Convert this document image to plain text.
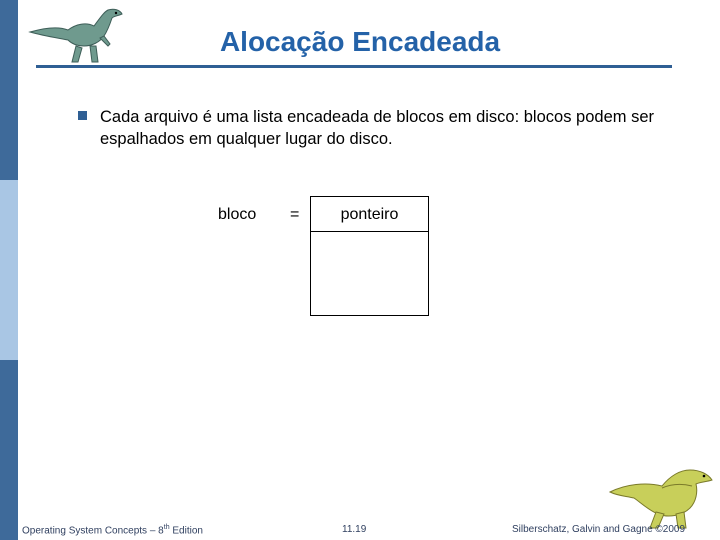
Alocação Encadeada
Cada arquivo é uma lista encadeada de blocos em disco: blocos podem ser espalhados em qualquer lugar do disco.
bloco =	ponteiro
Operating System Concepts – 8th Edition	11.19	Silberschatz, Galvin and Gagne ©2009
